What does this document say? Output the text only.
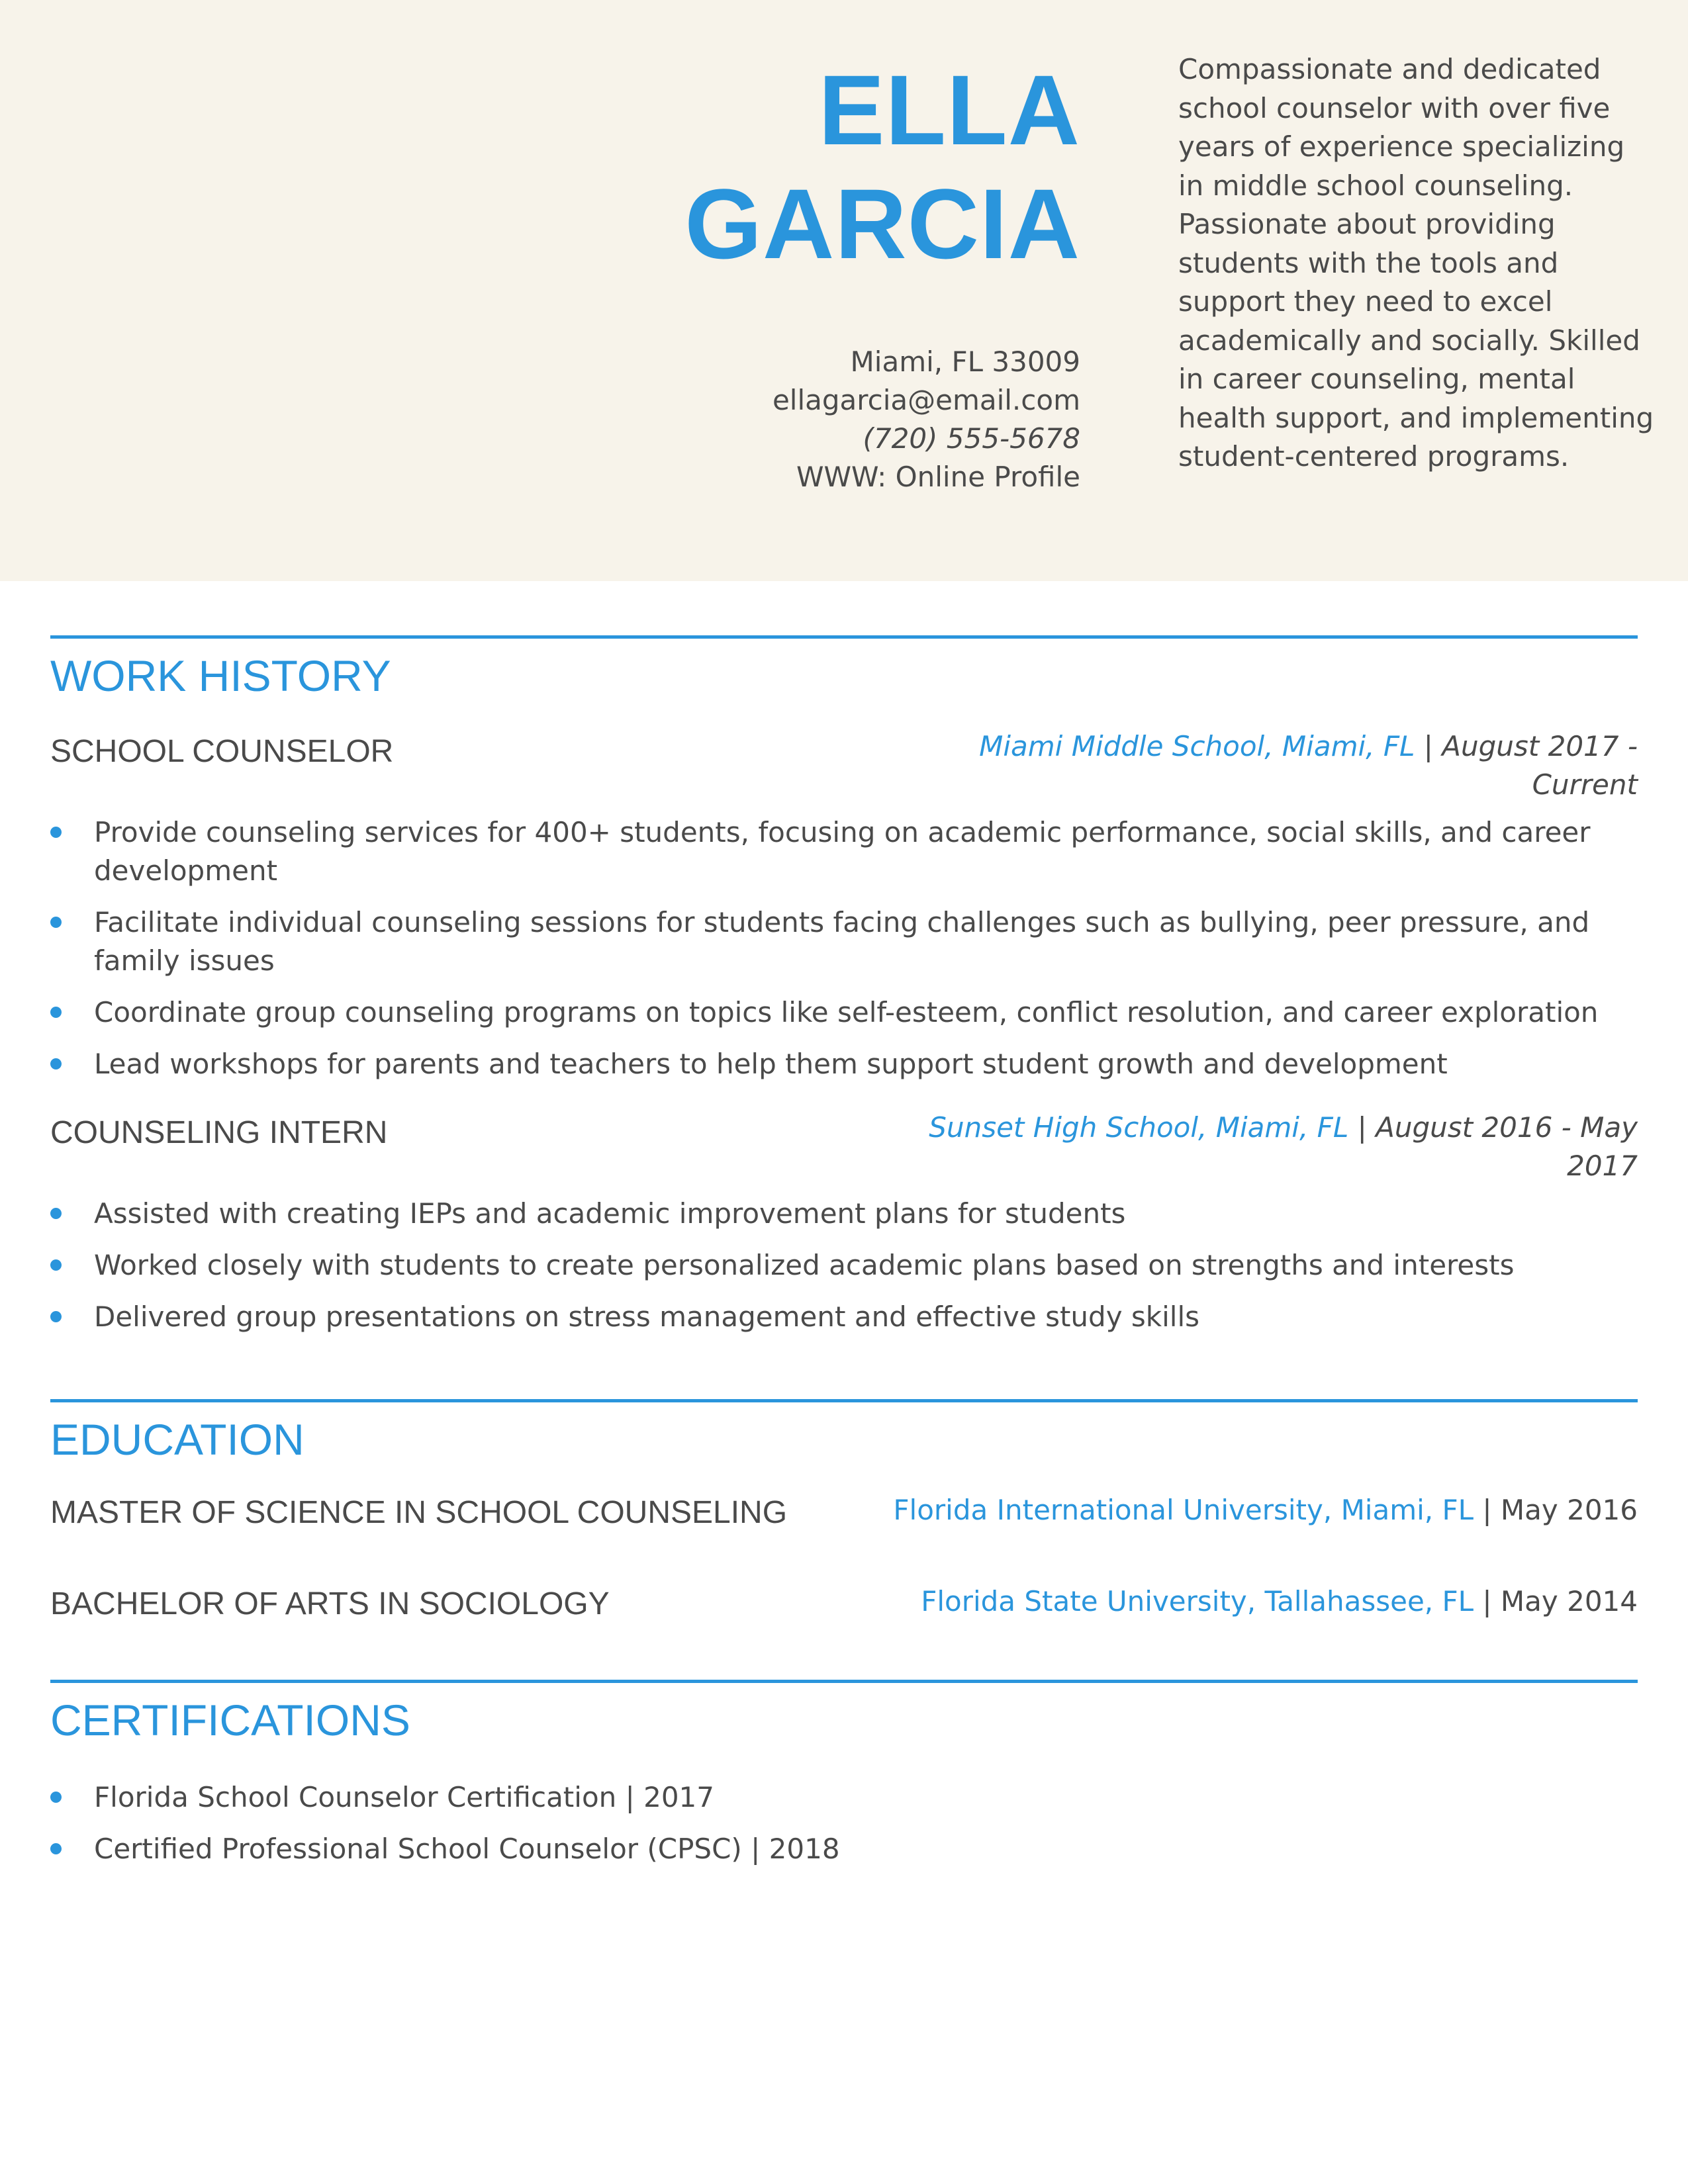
ELLA
GARCIA
Miami, FL 33009
ellagarcia@email.com
(720) 555-5678
WWW: Online Profile
Compassionate and dedicated school counselor with over five years of experience specializing in middle school counseling. Passionate about providing students with the tools and support they need to excel academically and socially. Skilled in career counseling, mental health support, and implementing student-centered programs.
WORK HISTORY
SCHOOL COUNSELOR	Miami Middle School, Miami, FL | August 2017 - Current
Provide counseling services for 400+ students, focusing on academic performance, social skills, and career development
Facilitate individual counseling sessions for students facing challenges such as bullying, peer pressure, and family issues
Coordinate group counseling programs on topics like self-esteem, conflict resolution, and career exploration
Lead workshops for parents and teachers to help them support student growth and development
COUNSELING INTERN	Sunset High School, Miami, FL | August 2016 - May 2017
Assisted with creating IEPs and academic improvement plans for students
Worked closely with students to create personalized academic plans based on strengths and interests
Delivered group presentations on stress management and effective study skills
EDUCATION
MASTER OF SCIENCE IN SCHOOL COUNSELING	Florida International University, Miami, FL | May 2016
BACHELOR OF ARTS IN SOCIOLOGY	Florida State University, Tallahassee, FL | May 2014
CERTIFICATIONS
Florida School Counselor Certification | 2017
Certified Professional School Counselor (CPSC) | 2018
